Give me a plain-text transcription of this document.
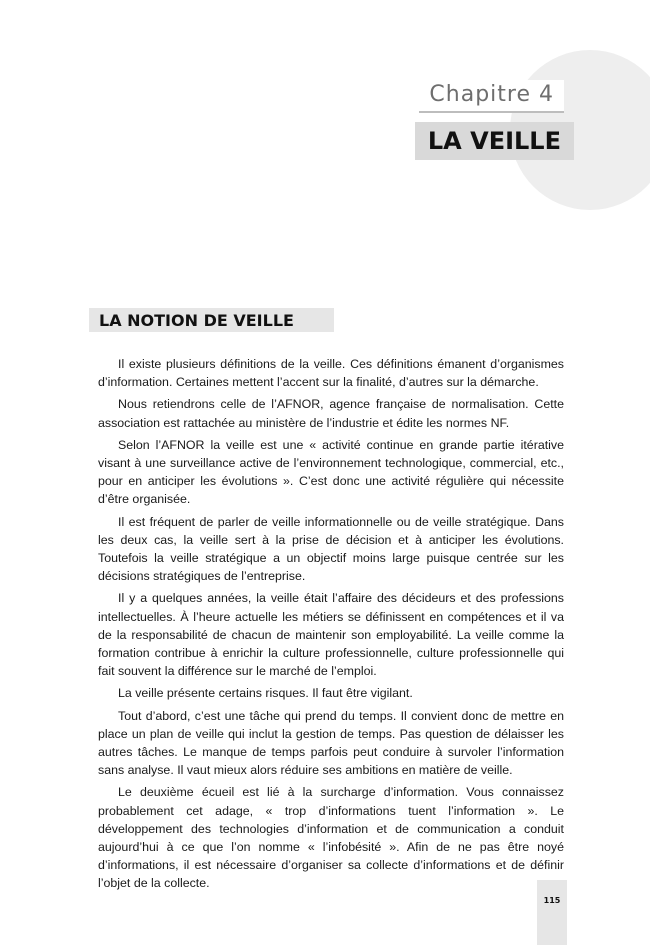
Chapitre 4
LA VEILLE
LA NOTION DE VEILLE

Il existe plusieurs définitions de la veille. Ces définitions émanent d’organismes d’information. Certaines mettent l’accent sur la finalité, d’autres sur la démarche.

Nous retiendrons celle de l’AFNOR, agence française de normalisation. Cette association est rattachée au ministère de l’industrie et édite les normes NF.

Selon l’AFNOR la veille est une « activité continue en grande partie itérative visant à une surveillance active de l’environnement technologique, commercial, etc., pour en anticiper les évolutions ». C’est donc une activité régulière qui nécessite d’être organisée.

Il est fréquent de parler de veille informationnelle ou de veille stratégique. Dans les deux cas, la veille sert à la prise de décision et à anticiper les évolutions. Toutefois la veille stratégique a un objectif moins large puisque centrée sur les décisions stratégiques de l’entreprise.

Il y a quelques années, la veille était l’affaire des décideurs et des professions intellectuelles. À l’heure actuelle les métiers se définissent en compétences et il va de la responsabilité de chacun de maintenir son employabilité. La veille comme la formation contribue à enrichir la culture professionnelle, culture professionnelle qui fait souvent la différence sur le marché de l’emploi.

La veille présente certains risques. Il faut être vigilant.

Tout d’abord, c’est une tâche qui prend du temps. Il convient donc de mettre en place un plan de veille qui inclut la gestion de temps. Pas question de délaisser les autres tâches. Le manque de temps parfois peut conduire à survoler l’information sans analyse. Il vaut mieux alors réduire ses ambitions en matière de veille.

Le deuxième écueil est lié à la surcharge d’information. Vous connaissez probablement cet adage, « trop d’informations tuent l’information ». Le développement des technologies d’information et de communication a conduit aujourd’hui à ce que l’on nomme « l’infobésité ». Afin de ne pas être noyé d’informations, il est nécessaire d’organiser sa collecte d’informations et de définir l’objet de la collecte.

115
